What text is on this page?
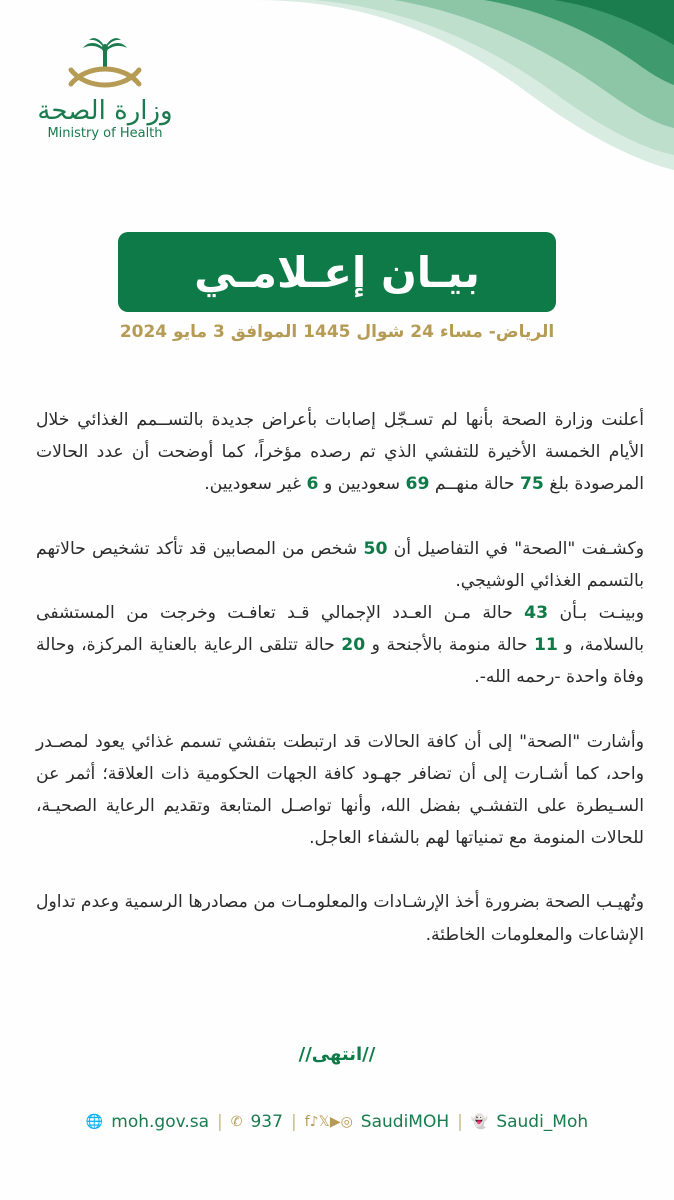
وزارة الصحة
Ministry of Health
بيـان إعـلامـي
الرياض- مساء 24 شوال 1445 الموافق 3 مايو 2024

أعلنت وزارة الصحة بأنها لم تسـجّل إصابات بأعراض جديدة بالتســمم الغذائي خلال الأيام الخمسة الأخيرة للتفشي الذي تم رصده مؤخراً، كما أوضحت أن عدد الحالات المرصودة بلغ 75 حالة منهــم 69 سعوديين و 6 غير سعوديين.

وكشـفت "الصحة" في التفاصيل أن 50 شخص من المصابين قد تأكد تشخيص حالاتهم بالتسمم الغذائي الوشيجي.

وبينـت بـأن 43 حالة مـن العـدد الإجمالي قـد تعافـت وخرجت من المستشفى بالسلامة، و 11 حالة منومة بالأجنحة و 20 حالة تتلقى الرعاية بالعناية المركزة، وحالة وفاة واحدة -رحمه الله-.

وأشارت "الصحة" إلى أن كافة الحالات قد ارتبطت بتفشي تسمم غذائي يعود لمصـدر واحد، كما أشـارت إلى أن تضافر جهـود كافة الجهات الحكومية ذات العلاقة؛ أثمر عن السـيطرة على التفشـي بفضل الله، وأنها تواصـل المتابعة وتقديم الرعاية الصحيـة، للحالات المنومة مع تمنياتها لهم بالشفاء العاجل.

وتُهيـب الصحة بضرورة أخذ الإرشـادات والمعلومـات من مصادرها الرسمية وعدم تداول الإشاعات والمعلومات الخاطئة.

//انتهى//
🌐 moh.gov.sa | ✆ 937 | f♪𝕏▶◎ SaudiMOH | 👻 Saudi_Moh
